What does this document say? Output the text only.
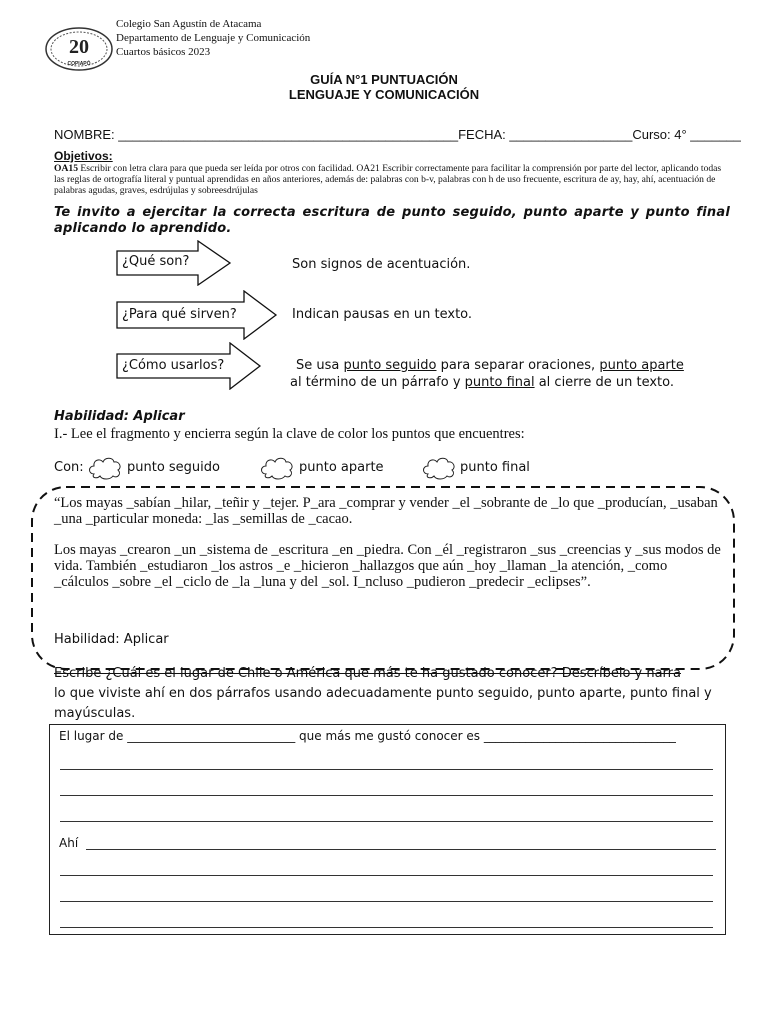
20
COPIAPÓ
Colegio San Agustín de Atacama
Departamento de Lenguaje y Comunicación
Cuartos básicos 2023
GUÍA N°1 PUNTUACIÓN
LENGUAJE Y COMUNICACIÓN
NOMBRE: _______________________________________________FECHA: _________________Curso: 4° _______
Objetivos:
OA15 Escribir con letra clara para que pueda ser leída por otros con facilidad. OA21 Escribir correctamente para facilitar la comprensión por parte del lector, aplicando todas las reglas de ortografía literal y puntual aprendidas en años anteriores, además de: palabras con b-v, palabras con h de uso frecuente, escritura de ay, hay, ahí, acentuación de palabras agudas, graves, esdrújulas y sobreesdrújulas
Te invito a ejercitar la correcta escritura de punto seguido, punto aparte y punto final aplicando lo aprendido.
¿Qué son?	Son signos de acentuación.
¿Para qué sirven?	Indican pausas en un texto.
¿Cómo usarlos?	Se usa punto seguido para separar oraciones, punto aparte
al término de un párrafo y punto final al cierre de un texto.
Habilidad: Aplicar
I.- Lee el fragmento y encierra según la clave de color los puntos que encuentres:
Con:	punto seguido	punto aparte	punto final
“Los mayas _sabían _hilar, _teñir y _tejer. P_ara _comprar y vender _el _sobrante de _lo que _producían, _usaban _una _particular moneda: _las _semillas de _cacao.
Los mayas _crearon _un _sistema de _escritura _en _piedra. Con _él _registraron _sus _creencias y _sus modos de vida. También _estudiaron _los astros _e _hicieron _hallazgos que aún _hoy _llaman _la atención, _como _cálculos _sobre _el _ciclo de _la _luna y del _sol. I_ncluso _pudieron _predecir _eclipses”.
Habilidad: Aplicar
Escribe ¿Cuál es el lugar de Chile o América que más te ha gustado conocer? Descríbelo y narra
lo que viviste ahí en dos párrafos usando adecuadamente punto seguido, punto aparte, punto final y mayúsculas.
El lugar de ____________________________ que más me gustó conocer es ________________________________
Ahí
